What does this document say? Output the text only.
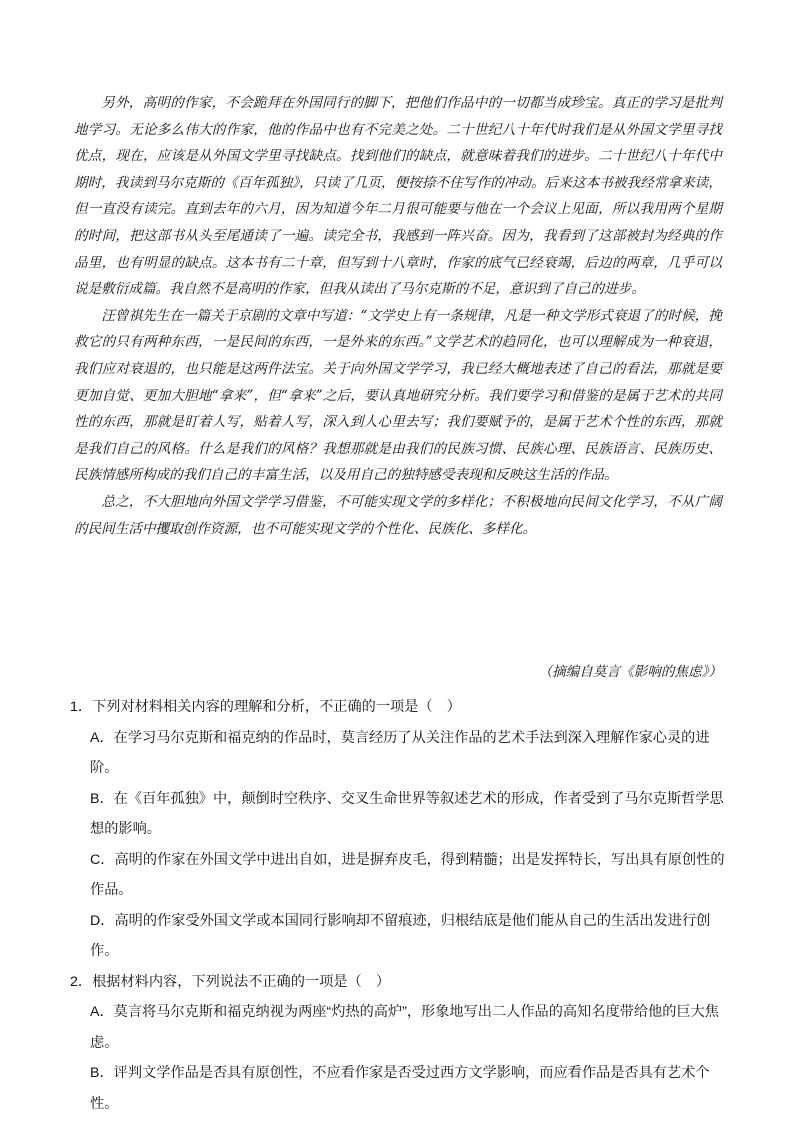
另外，高明的作家，不会跪拜在外国同行的脚下，把他们作品中的一切都当成珍宝。真正的学习是批判地学习。无论多么伟大的作家，他的作品中也有不完美之处。二十世纪八十年代时我们是从外国文学里寻找优点，现在，应该是从外国文学里寻找缺点。找到他们的缺点，就意味着我们的进步。二十世纪八十年代中期时，我读到马尔克斯的《百年孤独》，只读了几页，便按捺不住写作的冲动。后来这本书被我经常拿来读，但一直没有读完。直到去年的六月，因为知道今年二月很可能要与他在一个会议上见面，所以我用两个星期的时间，把这部书从头至尾通读了一遍。读完全书，我感到一阵兴奋。因为，我看到了这部被封为经典的作品里，也有明显的缺点。这本书有二十章，但写到十八章时，作家的底气已经衰竭，后边的两章，几乎可以说是敷衍成篇。我自然不是高明的作家，但我从读出了马尔克斯的不足，意识到了自己的进步。

汪曾祺先生在一篇关于京剧的文章中写道：“文学史上有一条规律，凡是一种文学形式衰退了的时候，挽救它的只有两种东西，一是民间的东西，一是外来的东西。”文学艺术的趋同化，也可以理解成为一种衰退，我们应对衰退的，也只能是这两件法宝。关于向外国文学学习，我已经大概地表述了自己的看法，那就是要更加自觉、更加大胆地“拿来”，但“拿来”之后，要认真地研究分析。我们要学习和借鉴的是属于艺术的共同性的东西，那就是盯着人写，贴着人写，深入到人心里去写；我们要赋予的，是属于艺术个性的东西，那就是我们自己的风格。什么是我们的风格？我想那就是由我们的民族习惯、民族心理、民族语言、民族历史、民族情感所构成的我们自己的丰富生活，以及用自己的独特感受表现和反映这生活的作品。

总之，不大胆地向外国文学学习借鉴，不可能实现文学的多样化；不积极地向民间文化学习，不从广阔的民间生活中攫取创作资源，也不可能实现文学的个性化、民族化、多样化。

（摘编自莫言《影响的焦虑》）

1．下列对材料相关内容的理解和分析，不正确的一项是（　）

A．在学习马尔克斯和福克纳的作品时，莫言经历了从关注作品的艺术手法到深入理解作家心灵的进阶。

B．在《百年孤独》中，颠倒时空秩序、交叉生命世界等叙述艺术的形成，作者受到了马尔克斯哲学思

想的影响。

C．高明的作家在外国文学中进出自如，进是摒弃皮毛，得到精髓；出是发挥特长，写出具有原创性的

作品。

D．高明的作家受外国文学或本国同行影响却不留痕迹，归根结底是他们能从自己的生活出发进行创作。

2．根据材料内容，下列说法不正确的一项是（　）

A．莫言将马尔克斯和福克纳视为两座“灼热的高炉”，形象地写出二人作品的高知名度带给他的巨大焦

虑。

B．评判文学作品是否具有原创性，不应看作家是否受过西方文学影响，而应看作品是否具有艺术个性。
